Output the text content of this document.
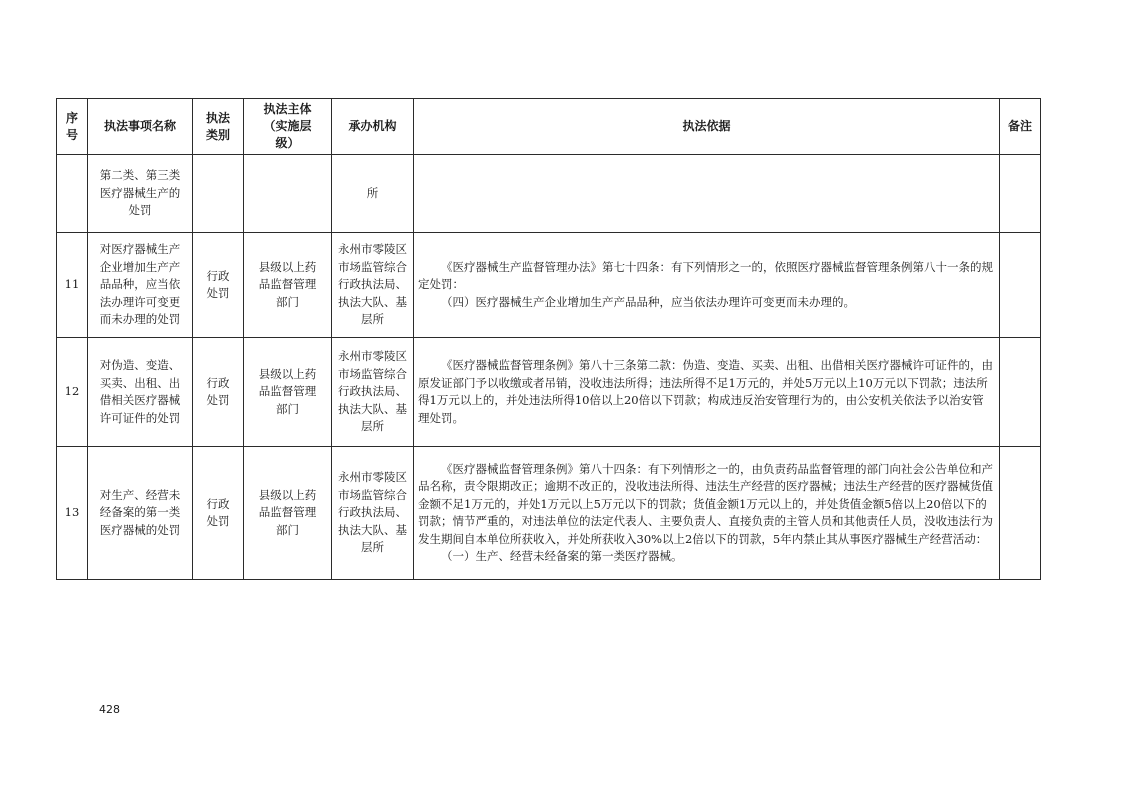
序号	执法事项名称	执法类别	执法主体（实施层级）	承办机构	执法依据	备注
	第二类、第三类医疗器械生产的处罚			所		
11	对医疗器械生产企业增加生产产品品种，应当依法办理许可变更而未办理的处罚	行政处罚	县级以上药品监督管理部门	永州市零陵区市场监管综合行政执法局、执法大队、基层所	《医疗器械生产监督管理办法》第七十四条：有下列情形之一的，依照医疗器械监督管理条例第八十一条的规定处罚：

（四）医疗器械生产企业增加生产产品品种，应当依法办理许可变更而未办理的。	

12	对伪造、变造、买卖、出租、出借相关医疗器械许可证件的处罚	行政处罚	县级以上药品监督管理部门	永州市零陵区市场监管综合行政执法局、执法大队、基层所	《医疗器械监督管理条例》第八十三条第二款：伪造、变造、买卖、出租、出借相关医疗器械许可证件的，由原发证部门予以收缴或者吊销，没收违法所得；违法所得不足1万元的，并处5万元以上10万元以下罚款；违法所得1万元以上的，并处违法所得10倍以上20倍以下罚款；构成违反治安管理行为的，由公安机关依法予以治安管理处罚。	

13	对生产、经营未经备案的第一类医疗器械的处罚	行政处罚	县级以上药品监督管理部门	永州市零陵区市场监管综合行政执法局、执法大队、基层所	《医疗器械监督管理条例》第八十四条：有下列情形之一的，由负责药品监督管理的部门向社会公告单位和产品名称，责令限期改正；逾期不改正的，没收违法所得、违法生产经营的医疗器械；违法生产经营的医疗器械货值金额不足1万元的，并处1万元以上5万元以下的罚款；货值金额1万元以上的，并处货值金额5倍以上20倍以下的罚款；情节严重的，对违法单位的法定代表人、主要负责人、直接负责的主管人员和其他责任人员，没收违法行为发生期间自本单位所获收入，并处所获收入30%以上2倍以下的罚款，5年内禁止其从事医疗器械生产经营活动：

（一）生产、经营未经备案的第一类医疗器械。	

428
